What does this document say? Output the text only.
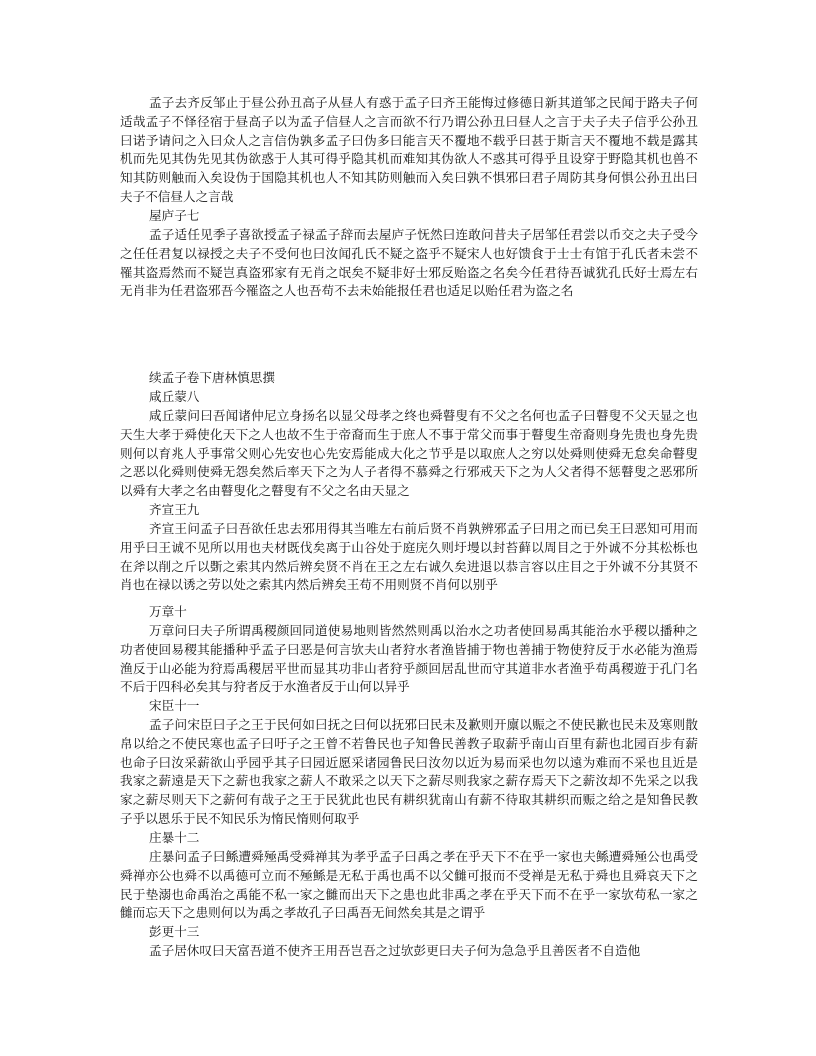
孟子去齐反邹止于昼公孙丑高子从昼人有惑于孟子曰齐王能悔过修德日新其道邹之民闻于路夫子何适哉孟子不怿径宿于昼高子以为孟子信昼人之言而欲不行乃谓公孙丑曰昼人之言于夫子夫子信乎公孙丑曰诺予请问之入曰众人之言信伪孰多孟子曰伪多曰能言天不覆地不载乎曰甚于斯言天不覆地不载是露其机而先见其伪先见其伪欲惑于人其可得乎隐其机而难知其伪欲人不惑其可得乎且设穿于野隐其机也兽不知其防则触而入矣设伪于国隐其机也人不知其防则触而入矣曰孰不惧邪曰君子周防其身何惧公孙丑出曰夫子不信昼人之言哉

屋庐子七

孟子适任见季子喜欲授孟子禄孟子辞而去屋庐子怃然曰连敢问昔夫子居邹任君尝以币交之夫子受今之任任君复以禄授之夫子不受何也曰汝闻孔氏不疑之盗乎不疑宋人也好馈食于士士有馆于孔氏者未尝不罹其盗焉然而不疑岂真盗邪家有无肖之氓矣不疑非好士邪反贻盗之名矣今任君待吾诚犹孔氏好士焉左右无肖非为任君盗邪吾今罹盗之人也吾苟不去未始能报任君也适足以贻任君为盗之名

续孟子卷下唐林慎思撰

咸丘蒙八

咸丘蒙问曰吾闻诸仲尼立身扬名以显父母孝之终也舜瞽叟有不父之名何也孟子曰瞽叟不父天显之也天生大孝于舜使化天下之人也故不生于帝裔而生于庶人不事于常父而事于瞽叟生帝裔则身先贵也身先贵则何以育兆人乎事常父则心先安也心先安焉能成大化之节乎是以取庶人之穷以处舜则使舜无怠矣命瞽叟之恶以化舜则使舜无怨矣然后率天下之为人子者得不慕舜之行邪戒天下之为人父者得不惩瞽叟之恶邪所以舜有大孝之名由瞽叟化之瞽叟有不父之名由天显之

齐宣王九

齐宣王问孟子曰吾欲任忠去邪用得其当唯左右前后贤不肖孰辨邪孟子曰用之而已矣王曰恶知可用而用乎曰王诚不见所以用也夫材既伐矣离于山谷处于庭庑久则圩墁以封苔藓以周目之于外诚不分其松栎也在斧以削之斤以斲之索其内然后辨矣贤不肖在王之左右诚久矣进退以恭言容以庄目之于外诚不分其贤不肖也在禄以诱之劳以处之索其内然后辨矣王苟不用则贤不肖何以别乎

万章十

万章问曰夫子所谓禹稷颜回同道使易地则皆然然则禹以治水之功者使回易禹其能治水乎稷以播种之功者使回易稷其能播种乎孟子曰恶是何言欤夫山者狩水者渔皆捕于物也善捕于物使狩反于水必能为渔焉渔反于山必能为狩焉禹稷居平世而显其功非山者狩乎颜回居乱世而守其道非水者渔乎苟禹稷遊于孔门名不后于四科必矣其与狩者反于水渔者反于山何以异乎

宋臣十一

孟子问宋臣曰子之王于民何如曰抚之曰何以抚邪曰民未及歉则开廪以赈之不使民歉也民未及寒则散帛以给之不使民寒也孟子曰吁子之王曾不若鲁民也子知鲁民善教子取薪乎南山百里有薪也北园百步有薪也命子曰汝采薪欲山乎园乎其子曰园近愿采诸园鲁民曰汝勿以近为易而采也勿以遠为难而不采也且近是我家之薪遠是天下之薪也我家之薪人不敢采之以天下之薪尽则我家之薪存焉天下之薪汝却不先采之以我家之薪尽则天下之薪何有哉子之王于民犹此也民有耕织犹南山有薪不待取其耕织而赈之给之是知鲁民教子乎以恩乐于民不知民乐为惰民惰则何取乎

庄暴十二

庄暴问孟子曰鲧遭舜殛禹受舜禅其为孝乎孟子曰禹之孝在乎天下不在乎一家也夫鲧遭舜殛公也禹受舜禅亦公也舜不以禹德可立而不殛鲧是无私于禹也禹不以父雠可报而不受禅是无私于舜也且舜哀天下之民于垫溺也命禹治之禹能不私一家之雠而出天下之患也此非禹之孝在乎天下而不在乎一家欤苟私一家之雠而忘天下之患则何以为禹之孝故孔子曰禹吾无间然矣其是之谓乎

彭更十三

孟子居休叹曰天富吾道不使齐王用吾岂吾之过欤彭更曰夫子何为急急乎且善医者不自造他
